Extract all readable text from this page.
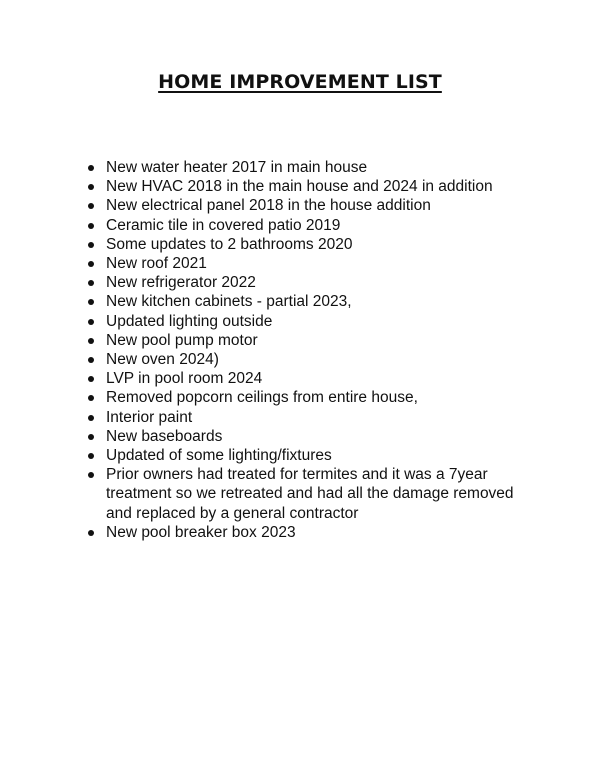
HOME IMPROVEMENT LIST
New water heater 2017 in main house
New HVAC 2018 in the main house and 2024 in addition
New electrical panel 2018 in the house addition
Ceramic tile in covered patio 2019
Some updates to 2 bathrooms 2020
New roof 2021
New refrigerator 2022
New kitchen cabinets - partial 2023,
Updated lighting outside
New pool pump motor
New oven 2024)
LVP in pool room 2024
Removed popcorn ceilings from entire house,
Interior paint
New baseboards
Updated of some lighting/fixtures
Prior owners had treated for termites and it was a 7year treatment so we retreated and had all the damage removed and replaced by a general contractor
New pool breaker box 2023
